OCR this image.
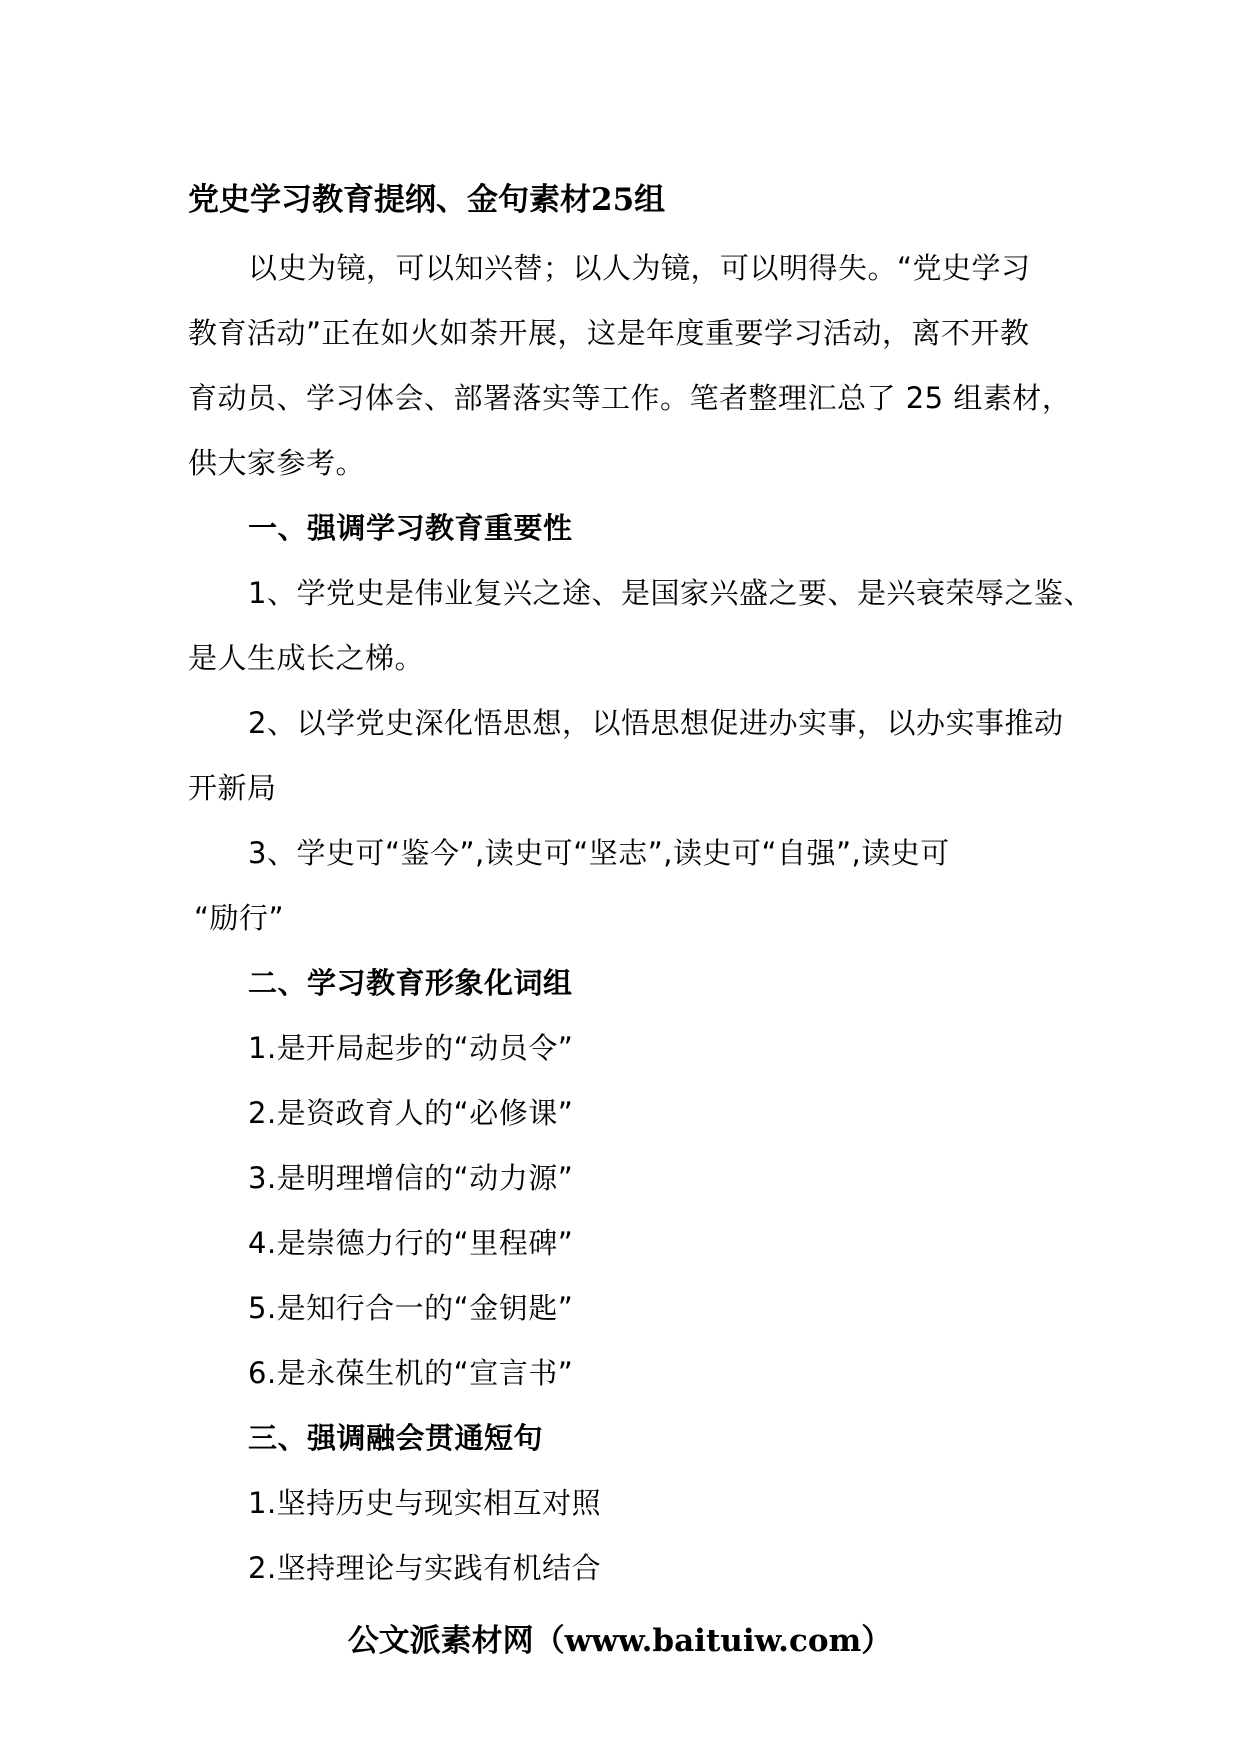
党史学习教育提纲、金句素材25组
以史为镜，可以知兴替；以人为镜，可以明得失。“党史学习
教育活动”正在如火如荼开展，这是年度重要学习活动，离不开教
育动员、学习体会、部署落实等工作。笔者整理汇总了 25 组素材，
供大家参考。
一、强调学习教育重要性
1、学党史是伟业复兴之途、是国家兴盛之要、是兴衰荣辱之鉴、
是人生成长之梯。
2、以学党史深化悟思想，以悟思想促进办实事，以办实事推动
开新局
3、学史可“鉴今”,读史可“坚志”,读史可“自强”,读史可
“励行”
二、学习教育形象化词组
1.是开局起步的“动员令”
2.是资政育人的“必修课”
3.是明理增信的“动力源”
4.是崇德力行的“里程碑”
5.是知行合一的“金钥匙”
6.是永葆生机的“宣言书”
三、强调融会贯通短句
1.坚持历史与现实相互对照
2.坚持理论与实践有机结合
公文派素材网（www.baituiw.com）
